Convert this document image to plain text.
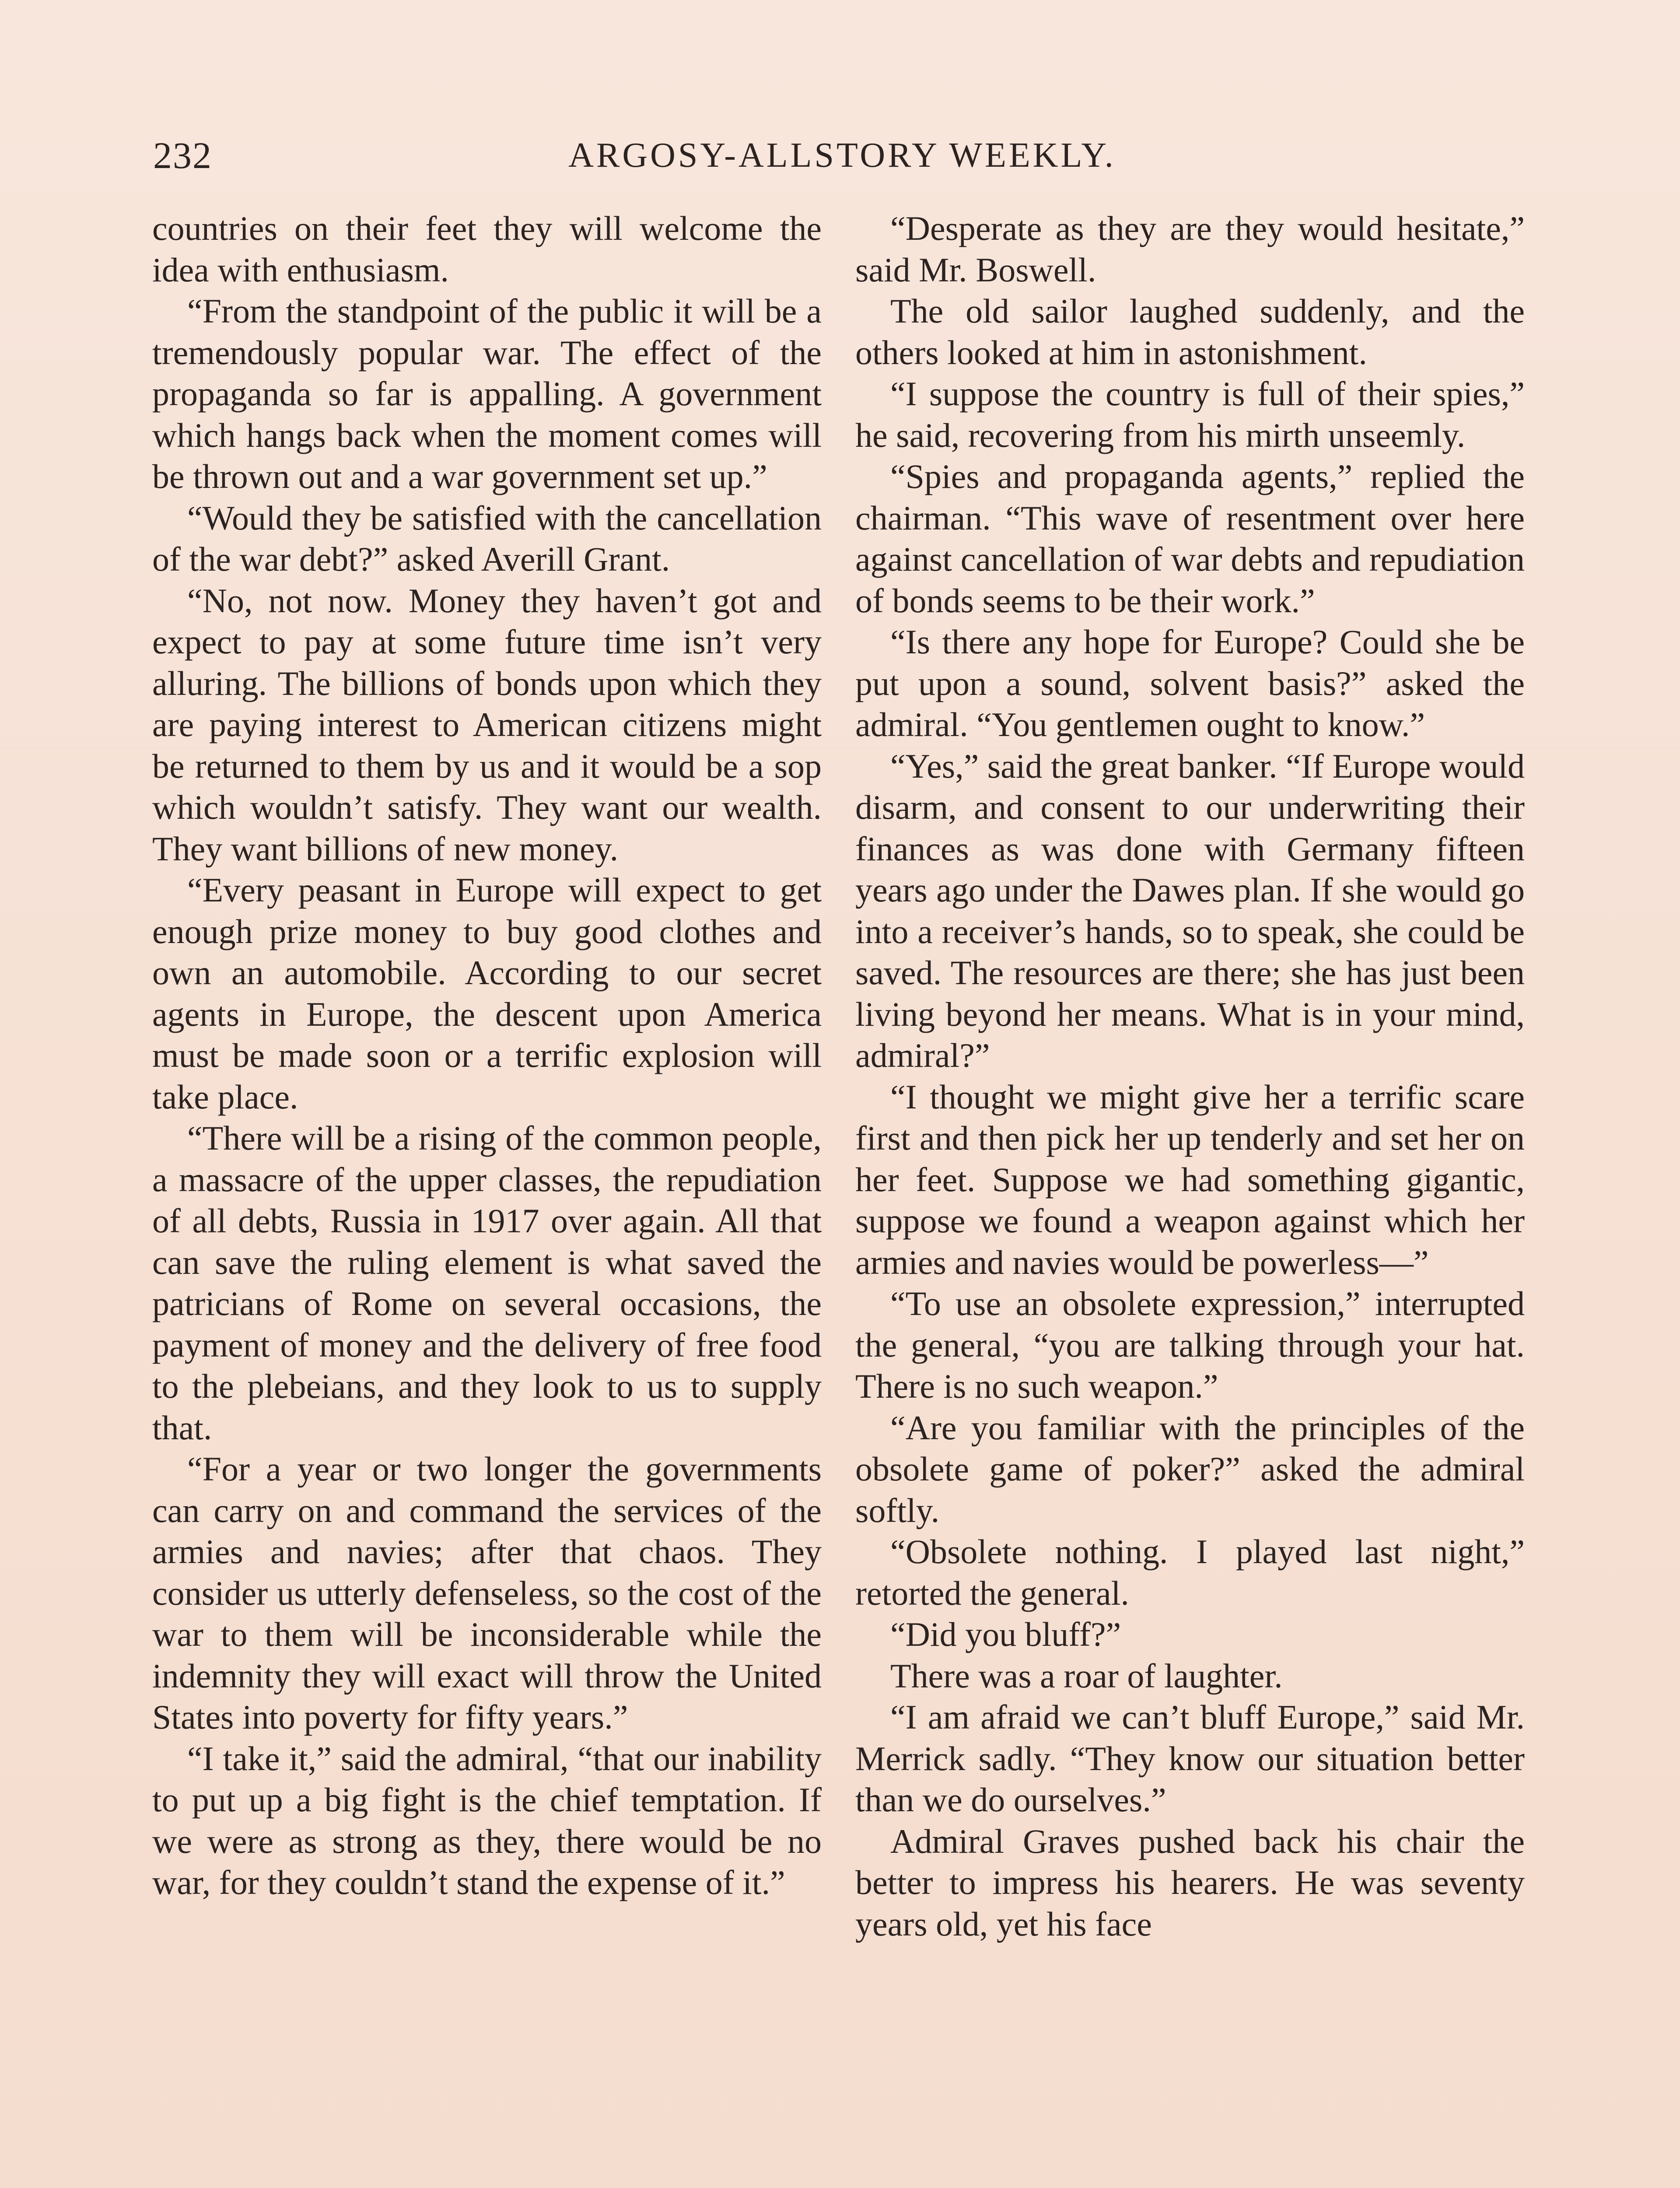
232	ARGOSY-ALLSTORY WEEKLY.

countries on their feet they will welcome the idea with enthusiasm.

“From the standpoint of the public it will be a tremendously popular war. The effect of the propaganda so far is appalling. A government which hangs back when the moment comes will be thrown out and a war government set up.”

“Would they be satisfied with the cancellation of the war debt?” asked Averill Grant.

“No, not now. Money they haven’t got and expect to pay at some future time isn’t very alluring. The billions of bonds upon which they are paying interest to American citizens might be returned to them by us and it would be a sop which wouldn’t satisfy. They want our wealth. They want billions of new money.

“Every peasant in Europe will expect to get enough prize money to buy good clothes and own an automobile. According to our secret agents in Europe, the descent upon America must be made soon or a terrific explosion will take place.

“There will be a rising of the common people, a massacre of the upper classes, the repudiation of all debts, Russia in 1917 over again. All that can save the ruling element is what saved the patricians of Rome on several occasions, the payment of money and the delivery of free food to the plebeians, and they look to us to supply that.

“For a year or two longer the governments can carry on and command the services of the armies and navies; after that chaos. They consider us utterly defenseless, so the cost of the war to them will be inconsiderable while the indemnity they will exact will throw the United States into poverty for fifty years.”

“I take it,” said the admiral, “that our inability to put up a big fight is the chief temptation. If we were as strong as they, there would be no war, for they couldn’t stand the expense of it.”

“Desperate as they are they would hesitate,” said Mr. Boswell.

The old sailor laughed suddenly, and the others looked at him in astonishment.

“I suppose the country is full of their spies,” he said, recovering from his mirth unseemly.

“Spies and propaganda agents,” replied the chairman. “This wave of resentment over here against cancellation of war debts and repudiation of bonds seems to be their work.”

“Is there any hope for Europe? Could she be put upon a sound, solvent basis?” asked the admiral. “You gentlemen ought to know.”

“Yes,” said the great banker. “If Europe would disarm, and consent to our underwriting their finances as was done with Germany fifteen years ago under the Dawes plan. If she would go into a receiver’s hands, so to speak, she could be saved. The resources are there; she has just been living beyond her means. What is in your mind, admiral?”

“I thought we might give her a terrific scare first and then pick her up tenderly and set her on her feet. Suppose we had something gigantic, suppose we found a weapon against which her armies and navies would be powerless—”

“To use an obsolete expression,” interrupted the general, “you are talking through your hat. There is no such weapon.”

“Are you familiar with the principles of the obsolete game of poker?” asked the admiral softly.

“Obsolete nothing. I played last night,” retorted the general.

“Did you bluff?”

There was a roar of laughter.

“I am afraid we can’t bluff Europe,” said Mr. Merrick sadly. “They know our situation better than we do ourselves.”

Admiral Graves pushed back his chair the better to impress his hearers. He was seventy years old, yet his face
